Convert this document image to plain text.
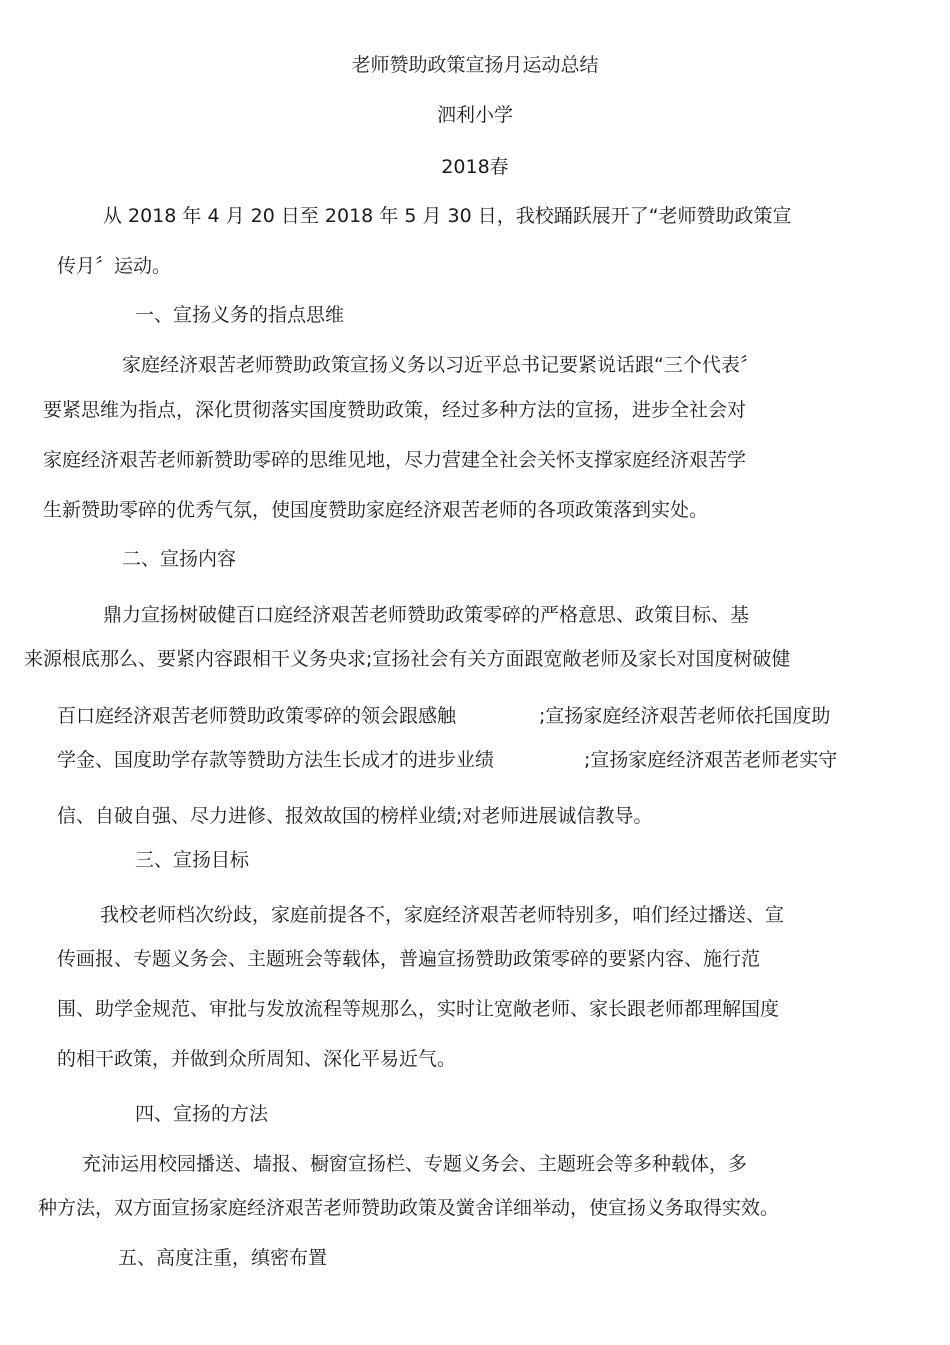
老师赞助政策宣扬月运动总结
泗利小学
2018春
从 2018 年 4 月 20 日至 2018 年 5 月 30 日，我校踊跃展开了“老师赞助政策宣
传月〞运动。
一、宣扬义务的指点思维
家庭经济艰苦老师赞助政策宣扬义务以习近平总书记要紧说话跟“三个代表〞
要紧思维为指点，深化贯彻落实国度赞助政策，经过多种方法的宣扬，进步全社会对
家庭经济艰苦老师新赞助零碎的思维见地，尽力营建全社会关怀支撑家庭经济艰苦学
生新赞助零碎的优秀气氛，使国度赞助家庭经济艰苦老师的各项政策落到实处。
二、宣扬内容
鼎力宣扬树破健百口庭经济艰苦老师赞助政策零碎的严格意思、政策目标、基
来源根底那么、要紧内容跟相干义务央求;宣扬社会有关方面跟宽敞老师及家长对国度树破健
百口庭经济艰苦老师赞助政策零碎的领会跟感触	;宣扬家庭经济艰苦老师依托国度助
学金、国度助学存款等赞助方法生长成才的进步业绩	;宣扬家庭经济艰苦老师老实守
信、自破自强、尽力进修、报效故国的榜样业绩;对老师进展诚信教导。
三、宣扬目标
我校老师档次纷歧，家庭前提各不，家庭经济艰苦老师特别多，咱们经过播送、宣
传画报、专题义务会、主题班会等载体，普遍宣扬赞助政策零碎的要紧内容、施行范
围、助学金规范、审批与发放流程等规那么，实时让宽敞老师、家长跟老师都理解国度
的相干政策，并做到众所周知、深化平易近气。
四、宣扬的方法
充沛运用校园播送、墙报、橱窗宣扬栏、专题义务会、主题班会等多种载体，多
种方法，双方面宣扬家庭经济艰苦老师赞助政策及黉舍详细举动，使宣扬义务取得实效。
五、高度注重，缜密布置
